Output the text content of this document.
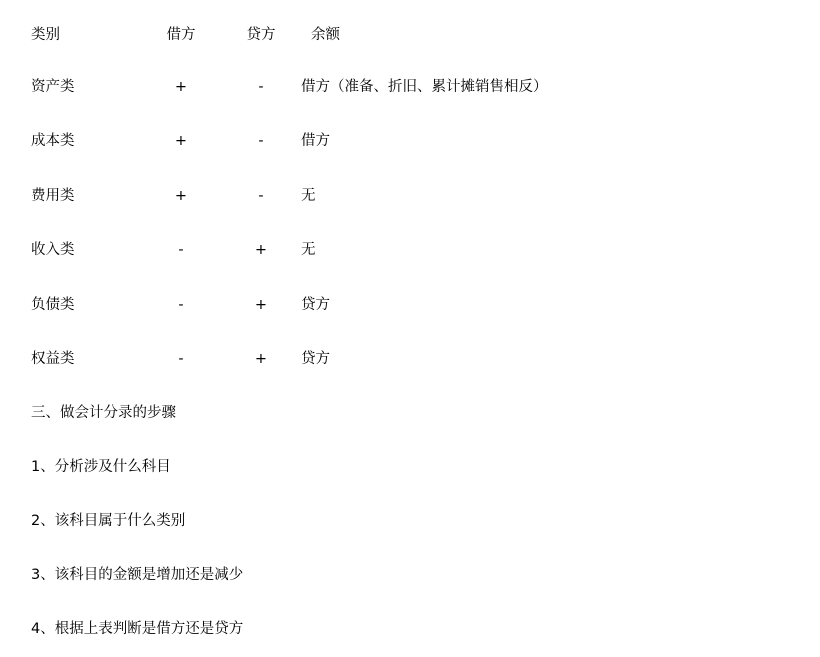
类别	借方	贷方	余额
资产类	+	-	借方（准备、折旧、累计摊销售相反）
成本类	+	-	借方
费用类	+	-	无
收入类	-	+	无
负债类	-	+	贷方
权益类	-	+	贷方
三、做会计分录的步骤
1、分析涉及什么科目
2、该科目属于什么类别
3、该科目的金额是增加还是减少
4、根据上表判断是借方还是贷方
